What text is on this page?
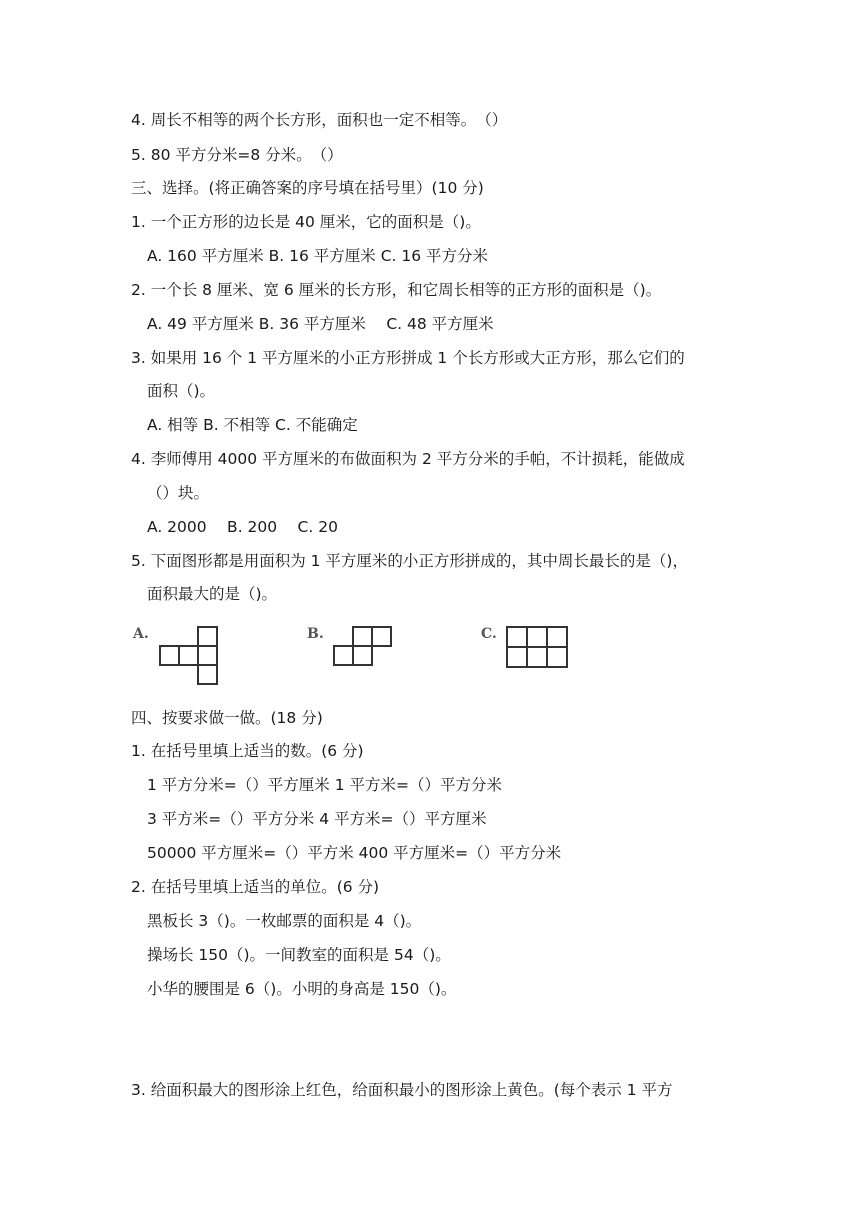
4. 周长不相等的两个长方形，面积也一定不相等。　（）
5. 80 平方分米=8 分米。　（）
三、选择。(将正确答案的序号填在括号里）(10 分)
1. 一个正方形的边长是 40 厘米，它的面积是（)。
A. 160 平方厘米 B. 16 平方厘米 C. 16 平方分米
2. 一个长 8 厘米、宽 6 厘米的长方形，和它周长相等的正方形的面积是（)。
A. 49 平方厘米 B. 36 平方厘米　 C. 48 平方厘米
3. 如果用 16 个 1 平方厘米的小正方形拼成 1 个长方形或大正方形，那么它们的
面积（)。
A. 相等 B. 不相等 C. 不能确定
4. 李师傅用 4000 平方厘米的布做面积为 2 平方分米的手帕，不计损耗，能做成
（）块。
A. 2000　 B. 200　 C. 20
5. 下面图形都是用面积为 1 平方厘米的小正方形拼成的，其中周长最长的是（)，
面积最大的是（)。
A.	B.	C.
四、按要求做一做。(18 分)
1. 在括号里填上适当的数。(6 分)
1 平方分米=（）平方厘米 1 平方米=（）平方分米
3 平方米=（）平方分米 4 平方米=（）平方厘米
50000 平方厘米=（）平方米 400 平方厘米=（）平方分米
2. 在括号里填上适当的单位。(6 分)
黑板长 3（)。一枚邮票的面积是 4（)。
操场长 150（)。一间教室的面积是 54（)。
小华的腰围是 6（)。小明的身高是 150（)。
3. 给面积最大的图形涂上红色，给面积最小的图形涂上黄色。(每个表示 1 平方
